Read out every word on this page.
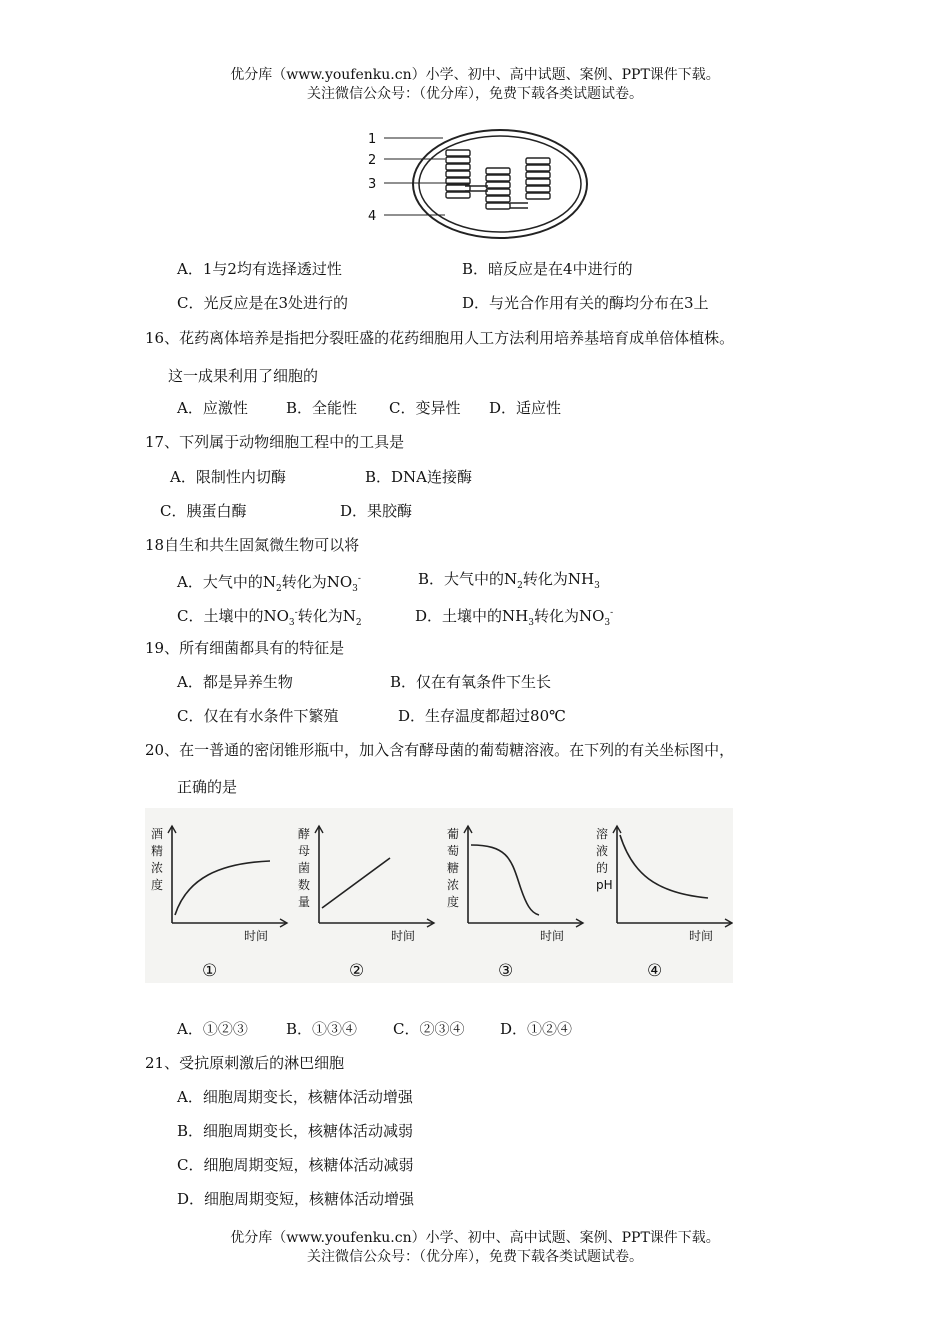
优分库（www.youfenku.cn）小学、初中、高中试题、案例、PPT课件下载。
关注微信公众号：（优分库），免费下载各类试题试卷。
1
2
3
4
A．1与2均有选择透过性	B．暗反应是在4中进行的
C．光反应是在3处进行的	D．与光合作用有关的酶均分布在3上
16、花药离体培养是指把分裂旺盛的花药细胞用人工方法利用培养基培育成单倍体植株。
这一成果利用了细胞的
A．应激性	B．全能性 C．变异性 D．适应性
17、下列属于动物细胞工程中的工具是
A．限制性内切酶	B．DNA连接酶
C．胰蛋白酶	D．果胶酶
18自生和共生固氮微生物可以将
A．大气中的$N_2$转化为$NO_3^-$	B．大气中的$N_2$转化为$NH_3$
C．土壤中的$NO_3^-$转化为$N_2$	D．土壤中的$NH_3$转化为$NO_3^-$
19、所有细菌都具有的特征是
A．都是异养生物	B．仅在有氧条件下生长
C．仅在有水条件下繁殖	D．生存温度都超过80℃
20、在一普通的密闭锥形瓶中，加入含有酵母菌的葡萄糖溶液。在下列的有关坐标图中，
正确的是
酒
精
浓
度
时间
①
酵
母
菌
数
量
时间
②
葡
萄
糖
浓
度
时间
③
溶
液
的
pH
时间
④
A．①②③	B．①③④ C．②③④ D．①②④
21、受抗原刺激后的淋巴细胞
A．细胞周期变长，核糖体活动增强
B．细胞周期变长，核糖体活动减弱
C．细胞周期变短，核糖体活动减弱
D．细胞周期变短，核糖体活动增强
优分库（www.youfenku.cn）小学、初中、高中试题、案例、PPT课件下载。
关注微信公众号：（优分库），免费下载各类试题试卷。
